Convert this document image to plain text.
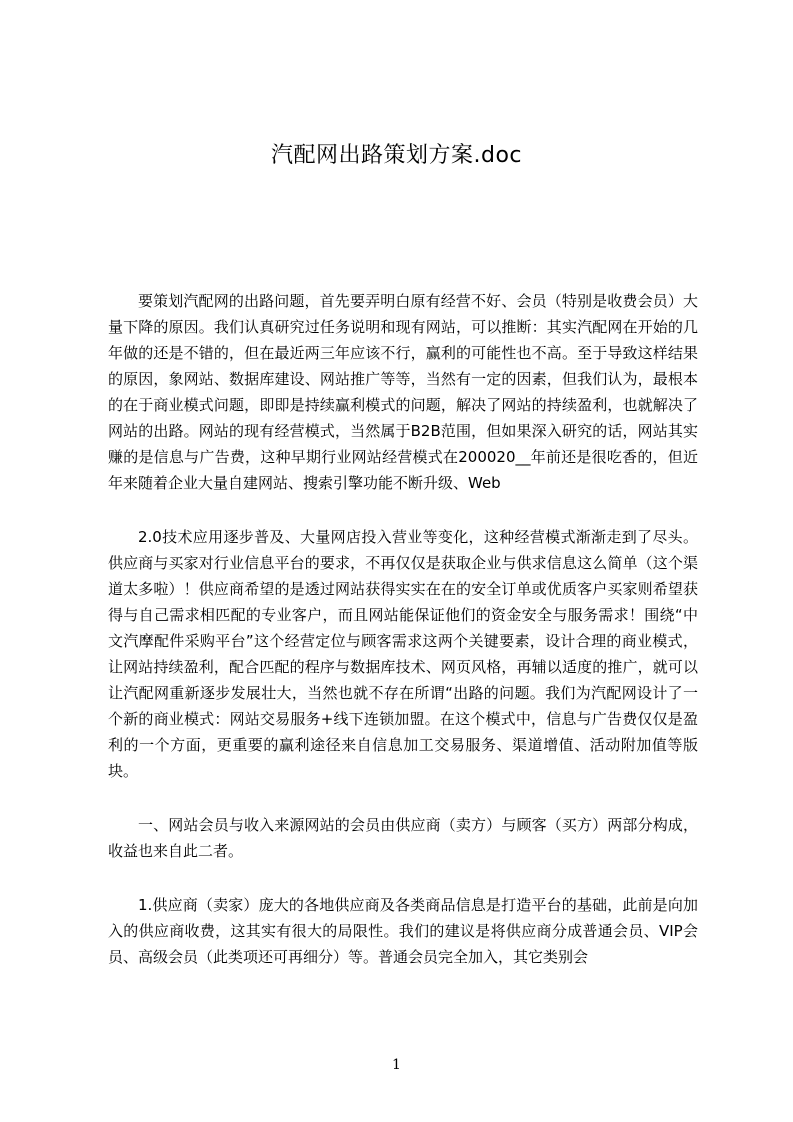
汽配网出路策划方案.doc

要策划汽配网的出路问题，首先要弄明白原有经营不好、会员（特别是收费会员）大量下降的原因。我们认真研究过任务说明和现有网站，可以推断：其实汽配网在开始的几年做的还是不错的，但在最近两三年应该不行，赢利的可能性也不高。至于导致这样结果的原因，象网站、数据库建设、网站推广等等，当然有一定的因素，但我们认为，最根本的在于商业模式问题，即即是持续赢利模式的问题，解决了网站的持续盈利，也就解决了网站的出路。网站的现有经营模式，当然属于B2B范围，但如果深入研究的话，网站其实赚的是信息与广告费，这种早期行业网站经营模式在200020__年前还是很吃香的，但近年来随着企业大量自建网站、搜索引擎功能不断升级、Web

2.0技术应用逐步普及、大量网店投入营业等变化，这种经营模式渐渐走到了尽头。供应商与买家对行业信息平台的要求，不再仅仅是获取企业与供求信息这么简单（这个渠道太多啦）！供应商希望的是透过网站获得实实在在的安全订单或优质客户买家则希望获得与自己需求相匹配的专业客户，而且网站能保证他们的资金安全与服务需求！围绕“中文汽摩配件采购平台”这个经营定位与顾客需求这两个关键要素，设计合理的商业模式，让网站持续盈利，配合匹配的程序与数据库技术、网页风格，再辅以适度的推广，就可以让汽配网重新逐步发展壮大，当然也就不存在所谓“出路的问题。我们为汽配网设计了一个新的商业模式：网站交易服务+线下连锁加盟。在这个模式中，信息与广告费仅仅是盈利的一个方面，更重要的赢利途径来自信息加工交易服务、渠道增值、活动附加值等版块。

一、网站会员与收入来源网站的会员由供应商（卖方）与顾客（买方）两部分构成，收益也来自此二者。

1.供应商（卖家）庞大的各地供应商及各类商品信息是打造平台的基础，此前是向加入的供应商收费，这其实有很大的局限性。我们的建议是将供应商分成普通会员、VIP会员、高级会员（此类项还可再细分）等。普通会员完全加入，其它类别会

1
